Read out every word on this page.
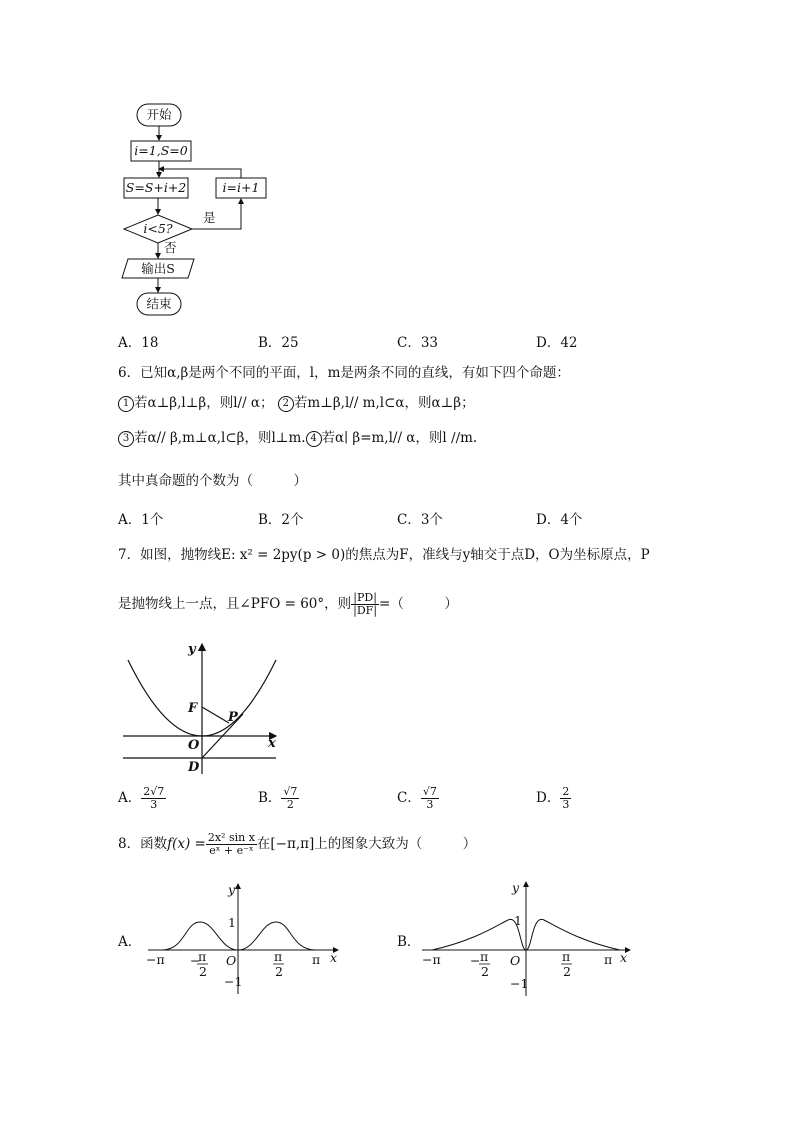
开始
i=1,S=0
S=S+i+2	i=i+1
i<5?
是
否
输出S
结束
A．18	B．25	C．33	D．42
6．已知α,β是两个不同的平面，l，m是两条不同的直线，有如下四个命题：
1 若α⊥β,l⊥β，则l// α； 2 若m⊥β,l// m,l⊂α，则α⊥β；
3 若α// β,m⊥α,l⊂β，则l⊥m. 4 若α∣ β=m,l// α，则l ∕∕m.
其中真命题的个数为（　　　）
A．1个	B．2个	C．3个	D．4个
7．如图，抛物线E: x² = 2py(p > 0)的焦点为F，准线与y轴交于点D，O为坐标原点，P
是抛物线上一点，且∠PFO = 60°，则 $\frac{|PD|}{|DF|}$ =（　　　）
y
x
F
P
O
D
A． $\frac{2√7}{3}$	B． $\frac{√7}{2}$	C． $\frac{√7}{3}$	D． $\frac{2}{3}$
8．函数$f(x) = \frac{\text{2x² sin x}}{\text{eˣ + e⁻ˣ}}$ 在[−π,π]上的图象大致为（　　　）
A．
y
x
1
−1
O
−π	π
−
π
2
π
2
B．
y
x
1
−1
O
−π	π
− π
2
π
2
